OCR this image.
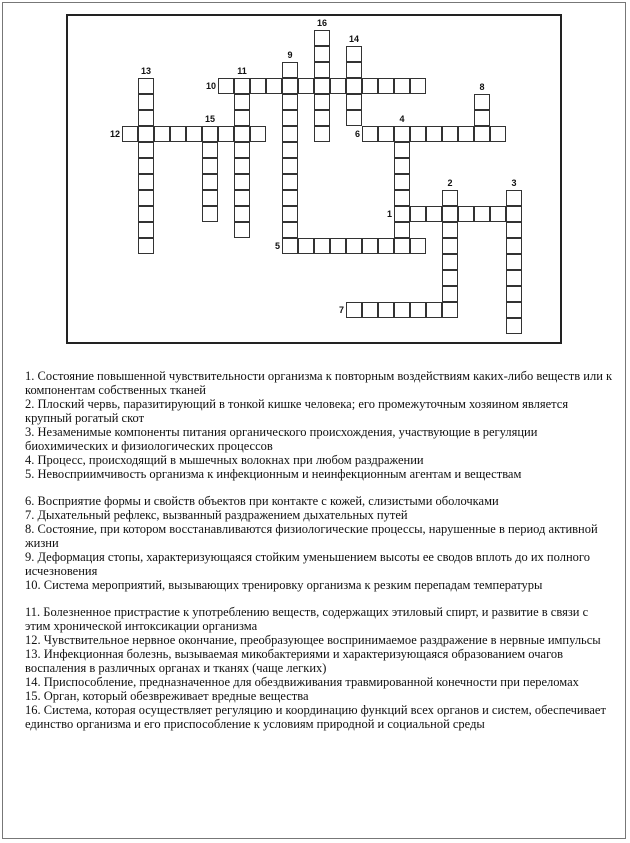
1
2	3
4
5
6
7
8
9
10
11
12
13
14
15
16

1. Состояние повышенной чувствительности организма к повторным воздействиям каких-либо веществ или к компонентам собственных тканей

2. Плоский червь, паразитирующий в тонкой кишке человека; его промежуточным хозяином является крупный рогатый скот

3. Незаменимые компоненты питания органического происхождения, участвующие в регуляции биохимических и физиологических процессов

4. Процесс, происходящий в мышечных волокнах при любом раздражении

5. Невосприимчивость организма к инфекционным и неинфекционным агентам и веществам

6. Восприятие формы и свойств объектов при контакте с кожей, слизистыми оболочками

7. Дыхательный рефлекс, вызванный раздражением дыхательных путей

8. Состояние, при котором восстанавливаются физиологические процессы, нарушенные в период активной жизни

9. Деформация стопы, характеризующаяся стойким уменьшением высоты ее сводов вплоть до их полного исчезновения

10. Система мероприятий, вызывающих тренировку организма к резким перепадам температуры

11. Болезненное пристрастие к употреблению веществ, содержащих этиловый спирт, и развитие в связи с этим хронической интоксикации организма

12. Чувствительное нервное окончание, преобразующее воспринимаемое раздражение в нервные импульсы

13. Инфекционная болезнь, вызываемая микобактериями и характеризующаяся образованием очагов воспаления в различных органах и тканях (чаще легких)

14. Приспособление, предназначенное для обездвиживания травмированной конечности при переломах

15. Орган, который обезвреживает вредные вещества

16. Система, которая осуществляет регуляцию и координацию функций всех органов и систем, обеспечивает единство организма и его приспособление к условиям природной и социальной среды
